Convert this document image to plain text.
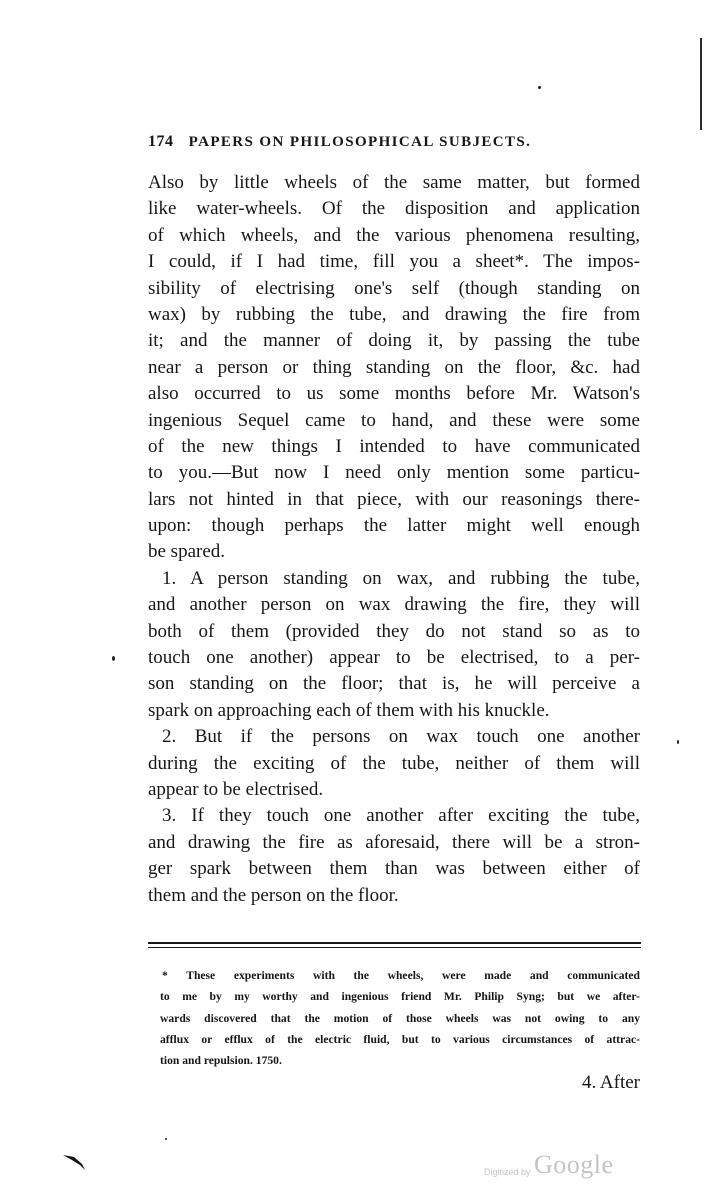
174 PAPERS ON PHILOSOPHICAL SUBJECTS.
Also by little wheels of the same matter, but formed
like water-wheels. Of the disposition and application
of which wheels, and the various phenomena resulting,
I could, if I had time, fill you a sheet*. The impos-
sibility of electrising one's self (though standing on
wax) by rubbing the tube, and drawing the fire from
it; and the manner of doing it, by passing the tube
near a person or thing standing on the floor, &c. had
also occurred to us some months before Mr. Watson's
ingenious Sequel came to hand, and these were some
of the new things I intended to have communicated
to you.—But now I need only mention some particu-
lars not hinted in that piece, with our reasonings there-
upon: though perhaps the latter might well enough
be spared.
1. A person standing on wax, and rubbing the tube,
and another person on wax drawing the fire, they will
both of them (provided they do not stand so as to
touch one another) appear to be electrised, to a per-
son standing on the floor; that is, he will perceive a
spark on approaching each of them with his knuckle.
2. But if the persons on wax touch one another
during the exciting of the tube, neither of them will
appear to be electrised.
3. If they touch one another after exciting the tube,
and drawing the fire as aforesaid, there will be a stron-
ger spark between them than was between either of
them and the person on the floor.
* These experiments with the wheels, were made and communicated
to me by my worthy and ingenious friend Mr. Philip Syng; but we after-
wards discovered that the motion of those wheels was not owing to any
afflux or efflux of the electric fluid, but to various circumstances of attrac-
tion and repulsion. 1750.
4. After
Digitized by Google
